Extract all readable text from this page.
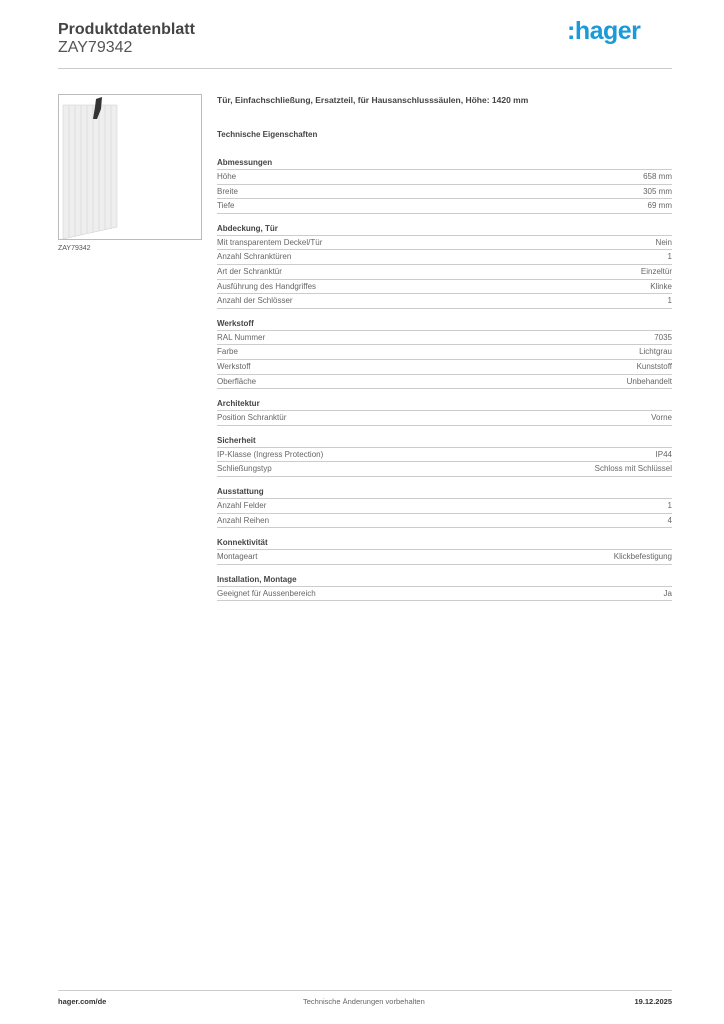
Produktdatenblatt
ZAY79342
:hager
ZAY79342
Tür, Einfachschließung, Ersatzteil, für Hausanschlusssäulen, Höhe: 1420 mm
Technische Eigenschaften
Abmessungen
Höhe	658 mm
Breite	305 mm
Tiefe	69 mm
Abdeckung, Tür
Mit transparentem Deckel/Tür	Nein
Anzahl Schranktüren	1
Art der Schranktür	Einzeltür
Ausführung des Handgriffes	Klinke
Anzahl der Schlösser	1
Werkstoff
RAL Nummer	7035
Farbe	Lichtgrau
Werkstoff	Kunststoff
Oberfläche	Unbehandelt
Architektur
Position Schranktür	Vorne
Sicherheit
IP-Klasse (Ingress Protection)	IP44
Schließungstyp	Schloss mit Schlüssel
Ausstattung
Anzahl Felder	1
Anzahl Reihen	4
Konnektivität
Montageart	Klickbefestigung
Installation, Montage
Geeignet für Aussenbereich	Ja
hager.com/de	Technische Änderungen vorbehalten	19.12.2025
